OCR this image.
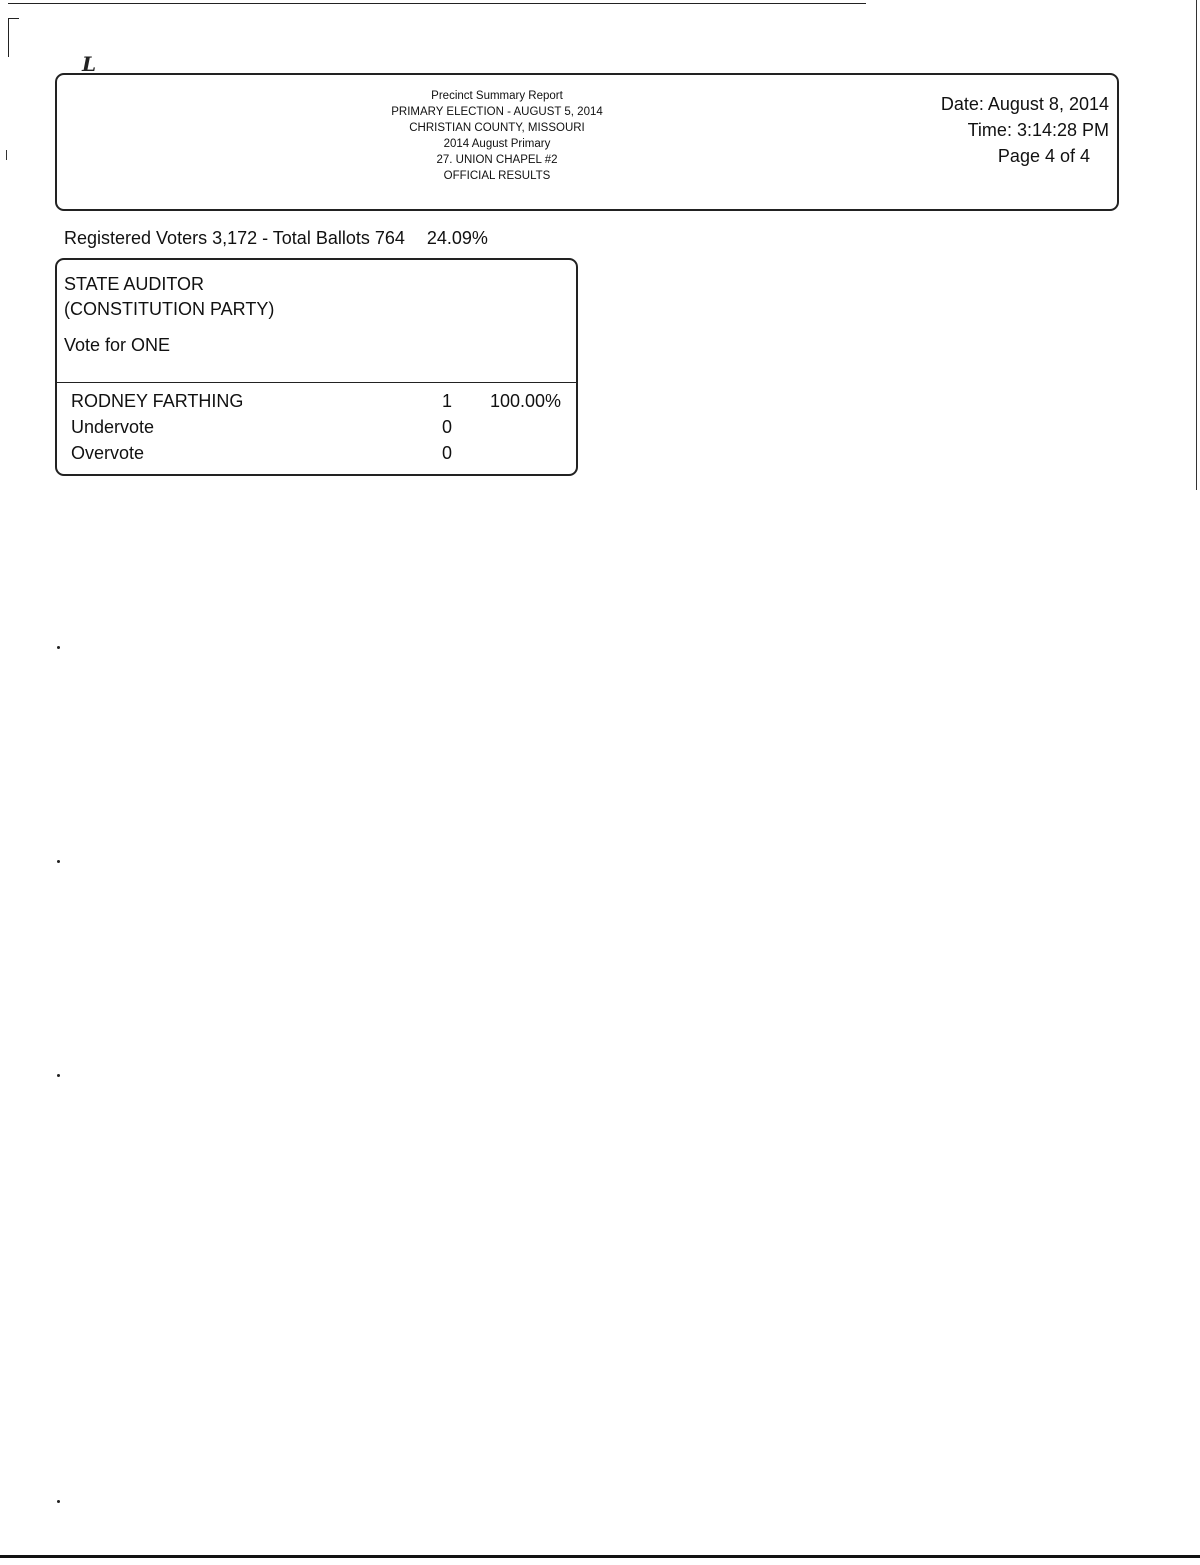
L
Precinct Summary Report
PRIMARY ELECTION - AUGUST 5, 2014
CHRISTIAN COUNTY, MISSOURI
2014 August Primary
27. UNION CHAPEL #2
OFFICIAL RESULTS
Date: August 8, 2014
Time: 3:14:28 PM
Page 4 of 4
Registered Voters 3,172 - Total Ballots 764 24.09%
STATE AUDITOR
(CONSTITUTION PARTY)
Vote for ONE
RODNEY FARTHING	1	100.00%
Undervote	0
Overvote	0
